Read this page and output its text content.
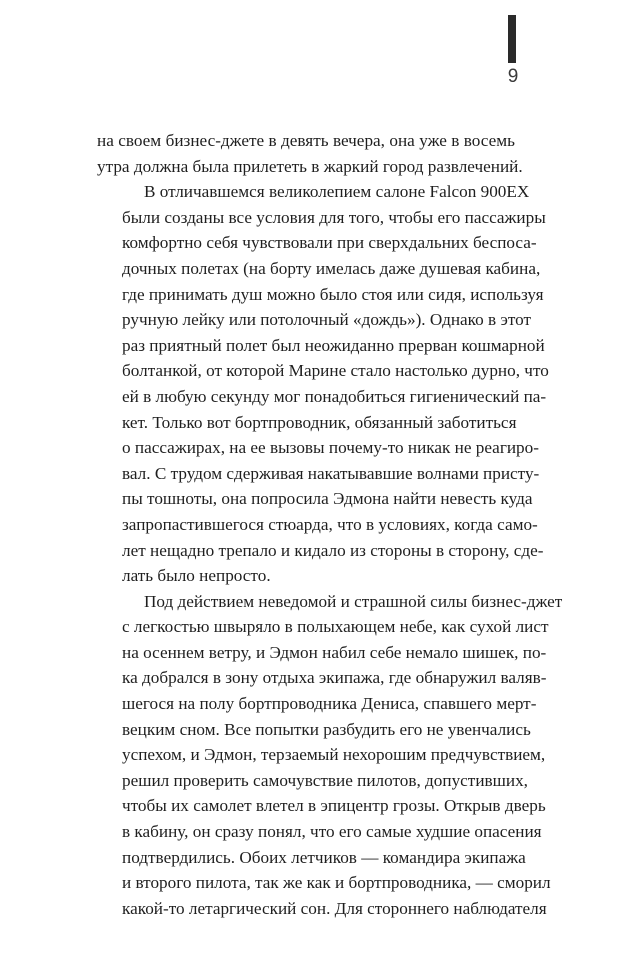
9
на своем бизнес-джете в девять вечера, она уже в восемь
утра должна была прилететь в жаркий город развлечений.
В отличавшемся великолепием салоне Falcon 900EX
были созданы все условия для того, чтобы его пассажиры
комфортно себя чувствовали при сверхдальних беспоса-
дочных полетах (на борту имелась даже душевая кабина,
где принимать душ можно было стоя или сидя, используя
ручную лейку или потолочный «дождь»). Однако в этот
раз приятный полет был неожиданно прерван кошмарной
болтанкой, от которой Марине стало настолько дурно, что
ей в любую секунду мог понадобиться гигиенический па-
кет. Только вот бортпроводник, обязанный заботиться
о пассажирах, на ее вызовы почему-то никак не реагиро-
вал. С трудом сдерживая накатывавшие волнами присту-
пы тошноты, она попросила Эдмона найти невесть куда
запропастившегося стюарда, что в условиях, когда само-
лет нещадно трепало и кидало из стороны в сторону, сде-
лать было непросто.
Под действием неведомой и страшной силы бизнес-джет
с легкостью швыряло в полыхающем небе, как сухой лист
на осеннем ветру, и Эдмон набил себе немало шишек, по-
ка добрался в зону отдыха экипажа, где обнаружил валяв-
шегося на полу бортпроводника Дениса, спавшего мерт-
вецким сном. Все попытки разбудить его не увенчались
успехом, и Эдмон, терзаемый нехорошим предчувствием,
решил проверить самочувствие пилотов, допустивших,
чтобы их самолет влетел в эпицентр грозы. Открыв дверь
в кабину, он сразу понял, что его самые худшие опасения
подтвердились. Обоих летчиков — командира экипажа
и второго пилота, так же как и бортпроводника, — сморил
какой-то летаргический сон. Для стороннего наблюдателя
